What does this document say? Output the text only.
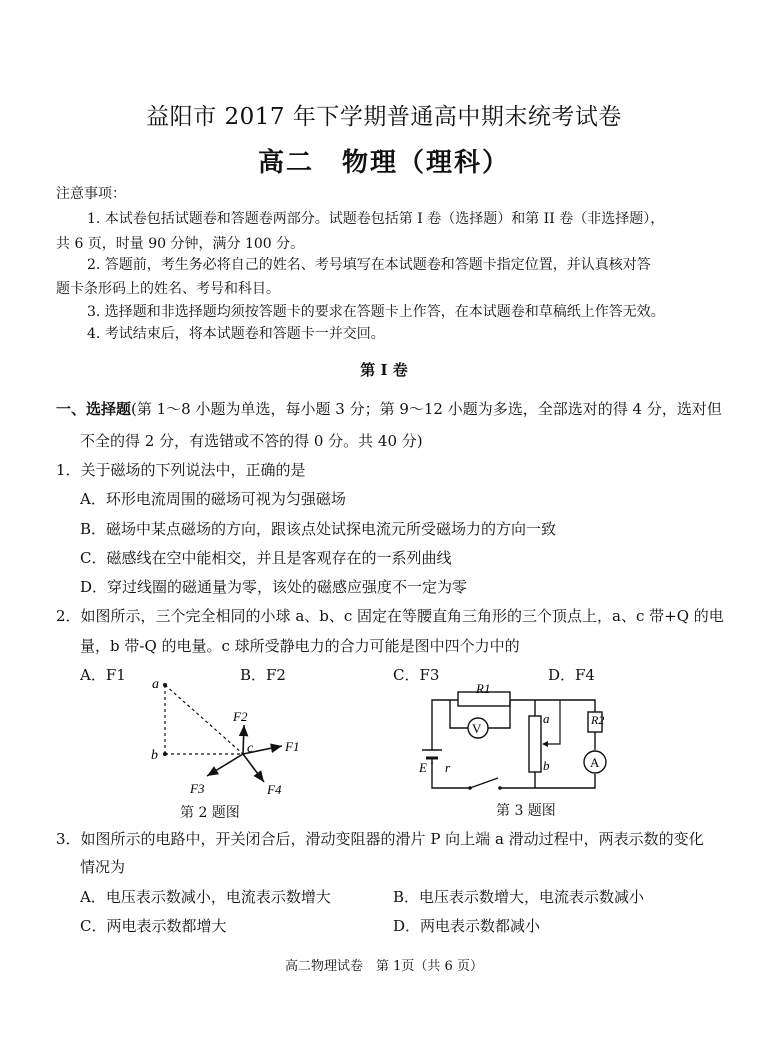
益阳市 2017 年下学期普通高中期末统考试卷
高二　物理（理科）
注意事项：
1. 本试卷包括试题卷和答题卷两部分。试题卷包括第 I 卷（选择题）和第 II 卷（非选择题），
共 6 页，时量 90 分钟，满分 100 分。
2. 答题前，考生务必将自己的姓名、考号填写在本试题卷和答题卡指定位置，并认真核对答
题卡条形码上的姓名、考号和科目。
3. 选择题和非选择题均须按答题卡的要求在答题卡上作答，在本试题卷和草稿纸上作答无效。
4. 考试结束后，将本试题卷和答题卡一并交回。
第 I 卷
一、选择题(第 1～8 小题为单选，每小题 3 分；第 9～12 小题为多选，全部选对的得 4 分，选对但
不全的得 2 分，有选错或不答的得 0 分。共 40 分)
1．关于磁场的下列说法中，正确的是
A．环形电流周围的磁场可视为匀强磁场
B．磁场中某点磁场的方向，跟该点处试探电流元所受磁场力的方向一致
C．磁感线在空中能相交，并且是客观存在的一系列曲线
D．穿过线圈的磁通量为零，该处的磁感应强度不一定为零
2．如图所示，三个完全相同的小球 a、b、c 固定在等腰直角三角形的三个顶点上，a、c 带+Q 的电
量，b 带-Q 的电量。c 球所受静电力的合力可能是图中四个力中的
A．F1	B．F2	C．F3	D．F4
a
b	c F1
F2
F3	F4
第 2 题图
R1
V
R2
A
E r
a
b
第 3 题图
3．如图所示的电路中，开关闭合后，滑动变阻器的滑片 P 向上端 a 滑动过程中，两表示数的变化
情况为
A．电压表示数减小，电流表示数增大	B．电压表示数增大，电流表示数减小
C．两电表示数都增大	D．两电表示数都减小
高二物理试卷　第 1页（共 6 页）
